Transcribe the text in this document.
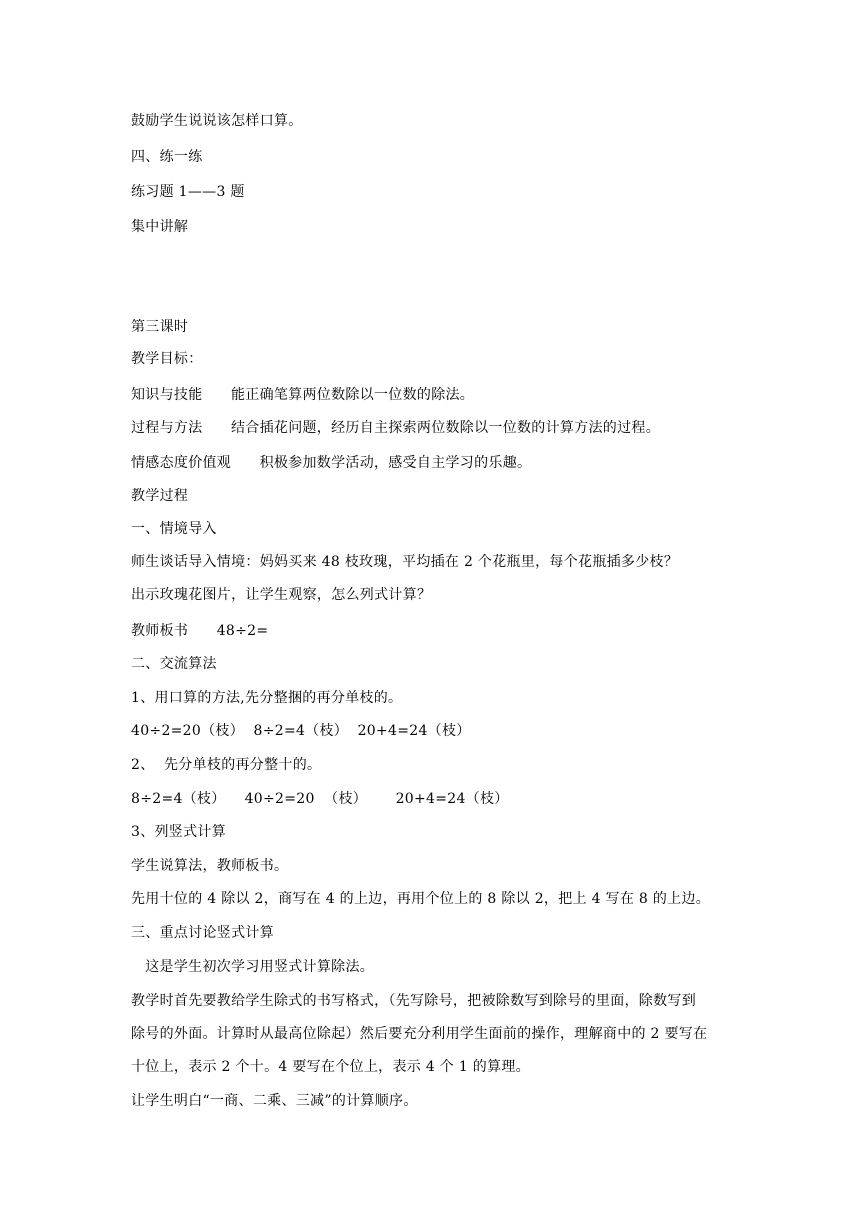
鼓励学生说说该怎样口算。
四、练一练
练习题 1——3 题
集中讲解
第三课时
教学目标：
知识与技能      能正确笔算两位数除以一位数的除法。
过程与方法      结合插花问题，经历自主探索两位数除以一位数的计算方法的过程。
情感态度价值观      积极参加数学活动，感受自主学习的乐趣。
教学过程
一、情境导入
师生谈话导入情境：妈妈买来 48 枝玫瑰，平均插在 2 个花瓶里，每个花瓶插多少枝？
出示玫瑰花图片，让学生观察，怎么列式计算？
教师板书      48÷2=
二、交流算法
1、用口算的方法,先分整捆的再分单枝的。
40÷2=20（枝）  8÷2=4（枝）  20+4=24（枝）
2、  先分单枝的再分整十的。
8÷2=4（枝）    40÷2=20  （枝）      20+4=24（枝）
3、列竖式计算
学生说算法，教师板书。
先用十位的 4 除以 2，商写在 4 的上边，再用个位上的 8 除以 2，把上 4 写在 8 的上边。
三、重点讨论竖式计算
这是学生初次学习用竖式计算除法。
教学时首先要教给学生除式的书写格式，（先写除号，把被除数写到除号的里面，除数写到
除号的外面。计算时从最高位除起）然后要充分利用学生面前的操作，理解商中的 2 要写在
十位上，表示 2 个十。4 要写在个位上，表示 4 个 1 的算理。
让学生明白“一商、二乘、三减”的计算顺序。
